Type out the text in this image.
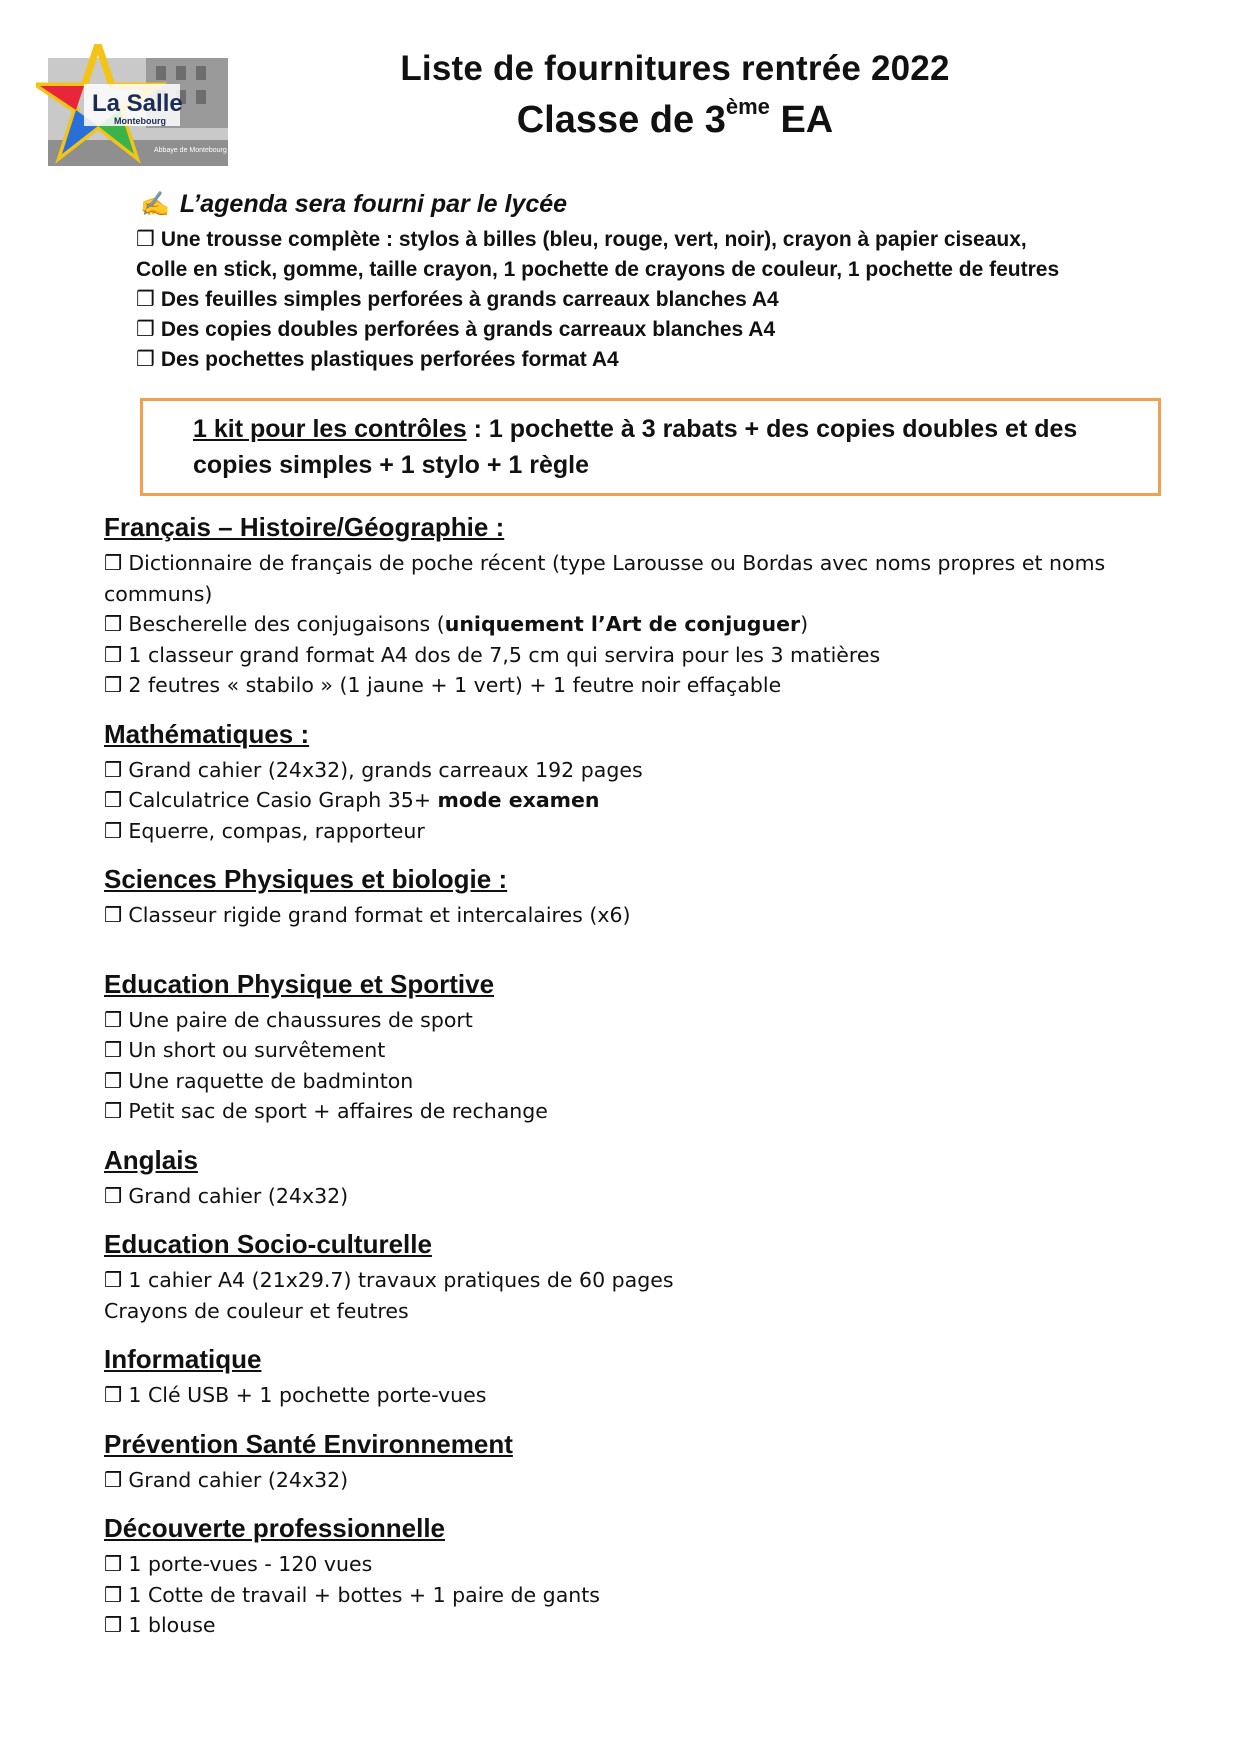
La Salle
Montebourg
Abbaye de Montebourg
Liste de fournitures rentrée 2022
Classe de 3ème EA
✍ L’agenda sera fourni par le lycée
❒ Une trousse complète : stylos à billes (bleu, rouge, vert, noir), crayon à papier ciseaux,
Colle en stick, gomme, taille crayon, 1 pochette de crayons de couleur, 1 pochette de feutres
❒ Des feuilles simples perforées à grands carreaux blanches A4
❒ Des copies doubles perforées à grands carreaux blanches A4
❒ Des pochettes plastiques perforées format A4
1 kit pour les contrôles : 1 pochette à 3 rabats + des copies doubles et des
copies simples + 1 stylo + 1 règle
Français – Histoire/Géographie :
❒ Dictionnaire de français de poche récent (type Larousse ou Bordas avec noms propres et noms
communs)
❒ Bescherelle des conjugaisons (uniquement l’Art de conjuguer)
❒ 1 classeur grand format A4 dos de 7,5 cm qui servira pour les 3 matières
❒ 2 feutres « stabilo » (1 jaune + 1 vert) + 1 feutre noir effaçable
Mathématiques :
❒ Grand cahier (24x32), grands carreaux 192 pages
❒ Calculatrice Casio Graph 35+ mode examen
❒ Equerre, compas, rapporteur
Sciences Physiques et biologie :
❒ Classeur rigide grand format et intercalaires (x6)
Education Physique et Sportive
❒ Une paire de chaussures de sport
❒ Un short ou survêtement
❒ Une raquette de badminton
❒ Petit sac de sport + affaires de rechange
Anglais
❒ Grand cahier (24x32)
Education Socio-culturelle
❒ 1 cahier A4 (21x29.7) travaux pratiques de 60 pages
Crayons de couleur et feutres
Informatique
❒ 1 Clé USB + 1 pochette porte-vues
Prévention Santé Environnement
❒ Grand cahier (24x32)
Découverte professionnelle
❒ 1 porte-vues - 120 vues
❒ 1 Cotte de travail + bottes + 1 paire de gants
❒ 1 blouse
